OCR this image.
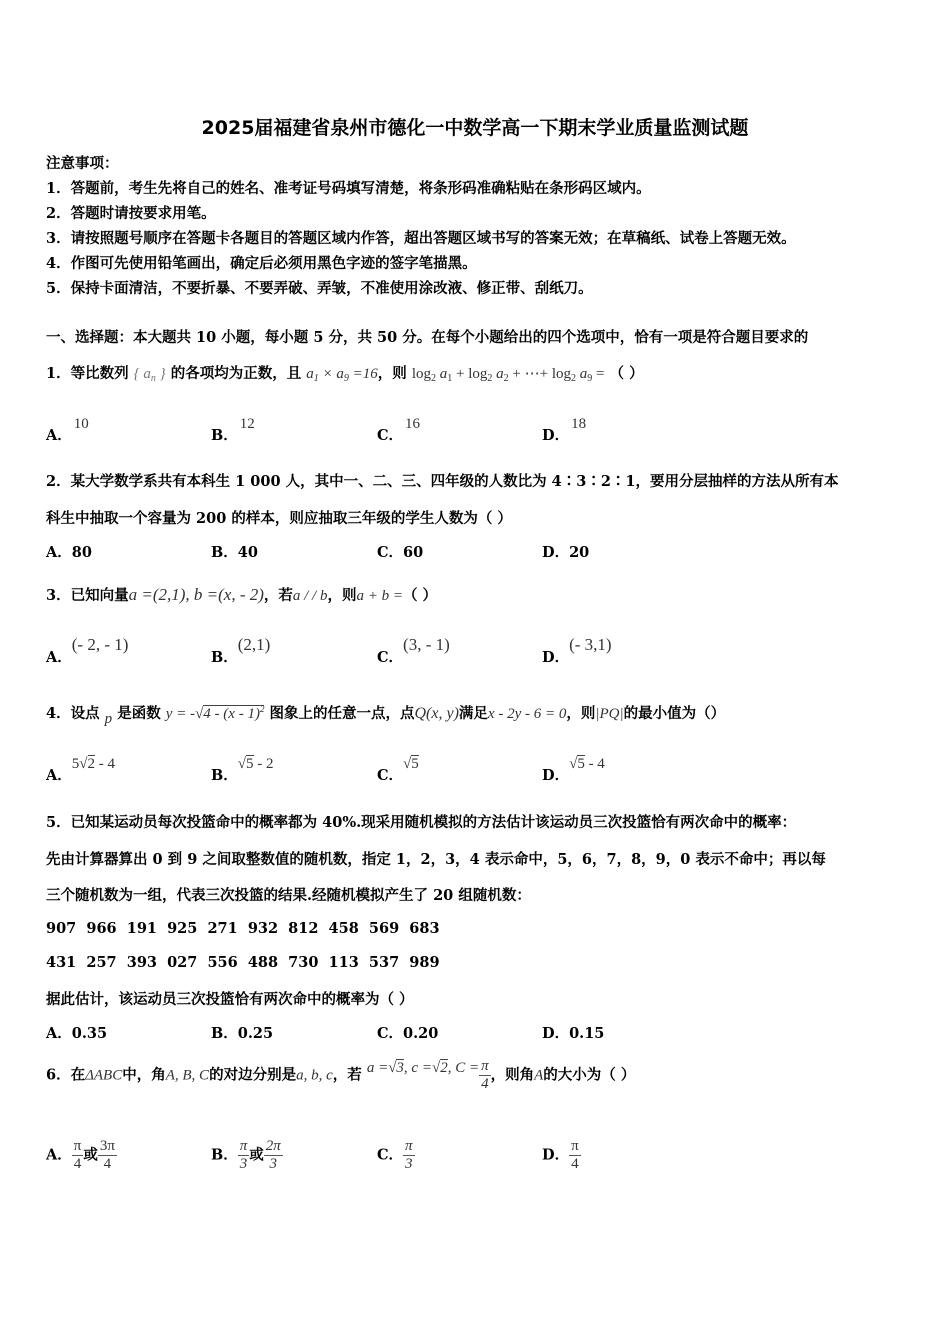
2025届福建省泉州市德化一中数学高一下期末学业质量监测试题
注意事项：
1．答题前，考生先将自己的姓名、准考证号码填写清楚，将条形码准确粘贴在条形码区域内。
2．答题时请按要求用笔。
3．请按照题号顺序在答题卡各题目的答题区域内作答，超出答题区域书写的答案无效；在草稿纸、试卷上答题无效。
4．作图可先使用铅笔画出，确定后必须用黑色字迹的签字笔描黑。
5．保持卡面清洁，不要折暴、不要弄破、弄皱，不准使用涂改液、修正带、刮纸刀。
一、选择题：本大题共 10 小题，每小题 5 分，共 50 分。在每个小题给出的四个选项中，恰有一项是符合题目要求的
1．等比数列 { $a_n$ } 的各项均为正数，且 $a_1 \times a_9 =16$，则 $\log_2 a_1 + \log_2 a_2$ + ⋯+ $\log_2 a_9$ = （ ）
A．10
B．12
C．16
D．18
2．某大学数学系共有本科生 1 000 人，其中一、二、三、四年级的人数比为 4∶3∶2∶1，要用分层抽样的方法从所有本
科生中抽取一个容量为 200 的样本，则应抽取三年级的学生人数为（ ）
A．80	B．40	C．60	D．20
3．已知向量a =(2,1), b =(x, - 2)，若a / / b，则a + b =（ ）
A．(- 2, - 1)
B．(2,1)
C．(3, - 1)
D．(- 3,1)
4．设点 p 是函数 y = -√4 - (x - 1)$^2$ 图象上的任意一点，点Q(x, y)满足x - 2y - 6 = 0，则|PQ|的最小值为（）
A．5√2 - 4
B．√5 - 2
C．√5
D．√5 - 4
5．已知某运动员每次投篮命中的概率都为 40%.现采用随机模拟的方法估计该运动员三次投篮恰有两次命中的概率：
先由计算器算出 0 到 9 之间取整数值的随机数，指定 1，2，3，4 表示命中，5，6，7，8，9，0 表示不命中；再以每
三个随机数为一组，代表三次投篮的结果.经随机模拟产生了 20 组随机数：
907  966  191  925  271  932  812  458  569  683
431  257  393  027  556  488  730  113  537  989
据此估计，该运动员三次投篮恰有两次命中的概率为（ ）
A．0.35	B．0.25	C．0.20	D．0.15
6．在ΔABC中，角A, B, C的对边分别是a, b, c，若 a =√3, c =√2, $C = \frac{\pi}{4}$ ，则角A的大小为（ ）
A． $\frac{\pi}{4}$ 或 $\frac{3\pi}{4}$	B． $\frac{\pi}{3}$ 或 $\frac{2\pi}{3}$	C． $\frac{\pi}{3}$	D． $\frac{\pi}{4}$
